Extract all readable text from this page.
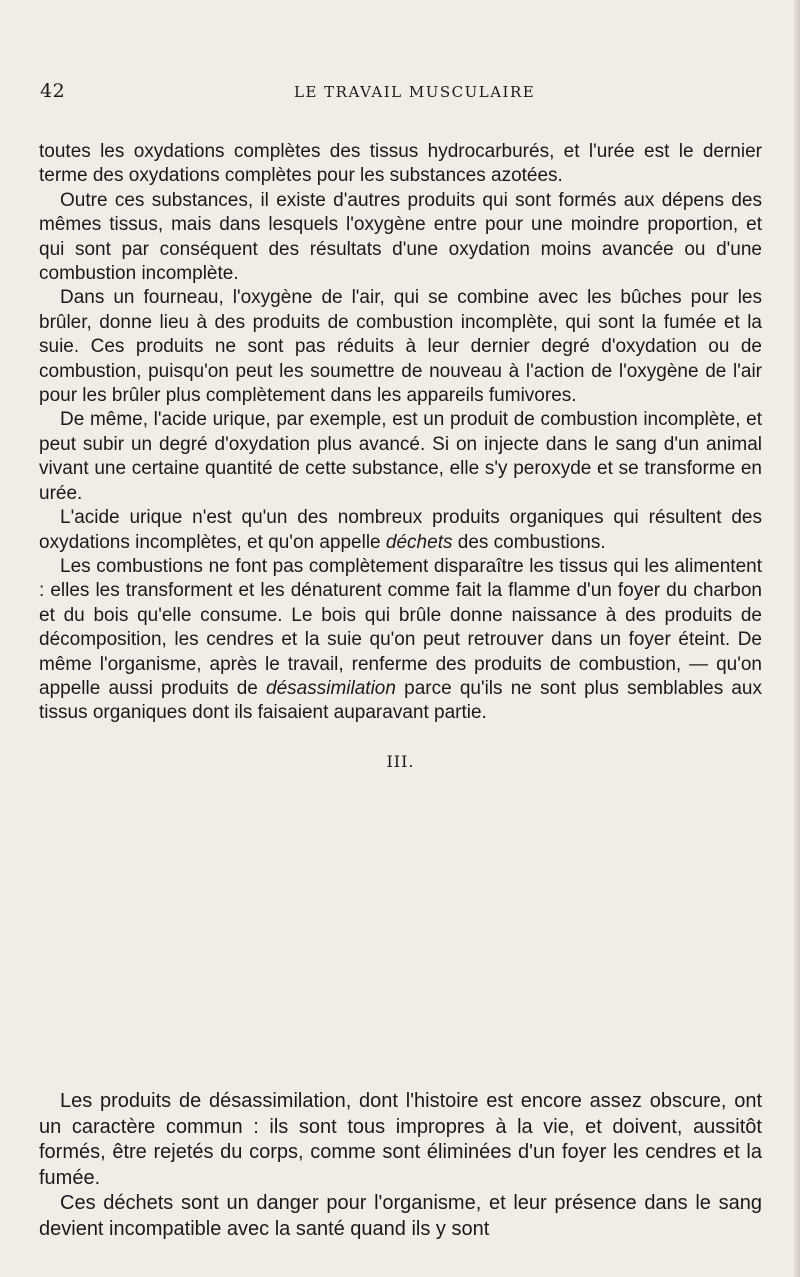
42	LE TRAVAIL MUSCULAIRE

toutes les oxydations complètes des tissus hydrocarburés, et l'urée est le dernier terme des oxydations complètes pour les substances azotées.

Outre ces substances, il existe d'autres produits qui sont formés aux dépens des mêmes tissus, mais dans lesquels l'oxygène entre pour une moindre proportion, et qui sont par conséquent des résultats d'une oxydation moins avancée ou d'une combustion incomplète.

Dans un fourneau, l'oxygène de l'air, qui se combine avec les bûches pour les brûler, donne lieu à des produits de combustion incomplète, qui sont la fumée et la suie. Ces produits ne sont pas réduits à leur dernier degré d'oxydation ou de combustion, puisqu'on peut les soumettre de nouveau à l'action de l'oxygène de l'air pour les brûler plus complètement dans les appareils fumivores.

De même, l'acide urique, par exemple, est un produit de combustion incomplète, et peut subir un degré d'oxydation plus avancé. Si on injecte dans le sang d'un animal vivant une certaine quantité de cette substance, elle s'y peroxyde et se transforme en urée.

L'acide urique n'est qu'un des nombreux produits organiques qui résultent des oxydations incomplètes, et qu'on appelle déchets des combustions.

Les combustions ne font pas complètement disparaître les tissus qui les alimentent : elles les transforment et les dénaturent comme fait la flamme d'un foyer du charbon et du bois qu'elle consume. Le bois qui brûle donne naissance à des produits de décomposition, les cendres et la suie qu'on peut retrouver dans un foyer éteint. De même l'organisme, après le travail, renferme des produits de combustion, — qu'on appelle aussi produits de désassimilation parce qu'ils ne sont plus semblables aux tissus organiques dont ils faisaient auparavant partie.

III.

Les produits de désassimilation, dont l'histoire est encore assez obscure, ont un caractère commun : ils sont tous impropres à la vie, et doivent, aussitôt formés, être rejetés du corps, comme sont éliminées d'un foyer les cendres et la fumée.

Ces déchets sont un danger pour l'organisme, et leur présence dans le sang devient incompatible avec la santé quand ils y sont
